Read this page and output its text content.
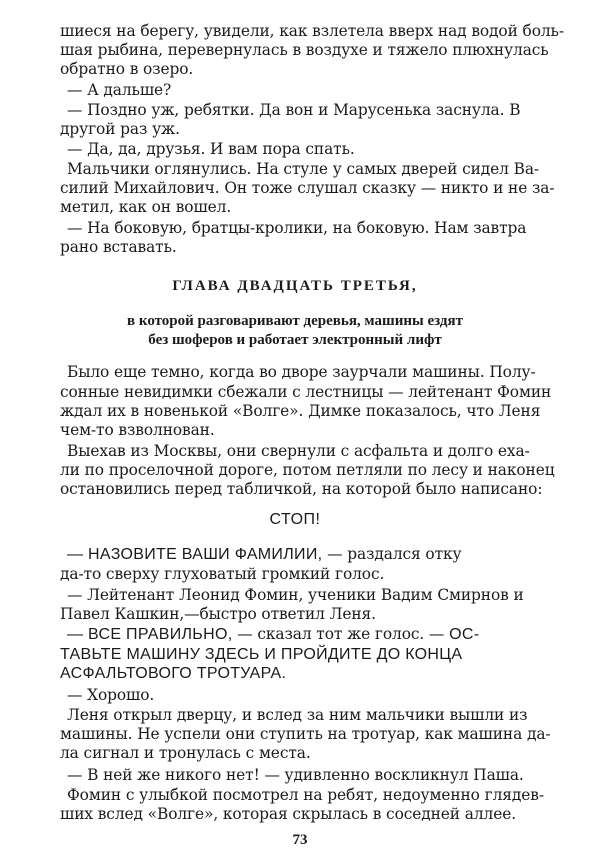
шиеся на берегу, увидели, как взлетела вверх над водой боль-
шая рыбина, перевернулась в воздухе и тяжело плюхнулась
обратно в озеро.
— А дальше?
— Поздно уж, ребятки. Да вон и Марусенька заснула. В
другой раз уж.
— Да, да, друзья. И вам пора спать.
Мальчики оглянулись. На стуле у самых дверей сидел Ва-
силий Михайлович. Он тоже слушал сказку — никто и не за-
метил, как он вошел.
— На боковую, братцы-кролики, на боковую. Нам завтра
рано вставать.
ГЛАВА ДВАДЦАТЬ ТРЕТЬЯ,
в которой разговаривают деревья, машины ездят
без шоферов и работает электронный лифт
Было еще темно, когда во дворе заурчали машины. Полу-
сонные невидимки сбежали с лестницы — лейтенант Фомин
ждал их в новенькой «Волге». Димке показалось, что Леня
чем-то взволнован.
Выехав из Москвы, они свернули с асфальта и долго еха-
ли по проселочной дороге, потом петляли по лесу и наконец
остановились перед табличкой, на которой было написано:
СТОП!
— НАЗОВИТЕ ВАШИ ФАМИЛИИ, — раздался отку
да-то сверху глуховатый громкий голос.
— Лейтенант Леонид Фомин, ученики Вадим Смирнов и
Павел Кашкин,—быстро ответил Леня.
— ВСЕ ПРАВИЛЬНО, — сказал тот же голос. — ОС-
ТАВЬТЕ МАШИНУ ЗДЕСЬ И ПРОЙДИТЕ ДО КОНЦА
АСФАЛЬТОВОГО ТРОТУАРА.
— Хорошо.
Леня открыл дверцу, и вслед за ним мальчики вышли из
машины. Не успели они ступить на тротуар, как машина да-
ла сигнал и тронулась с места.
— В ней же никого нет! — удивленно воскликнул Паша.
Фомин с улыбкой посмотрел на ребят, недоуменно глядев-
ших вслед «Волге», которая скрылась в соседней аллее.
73
